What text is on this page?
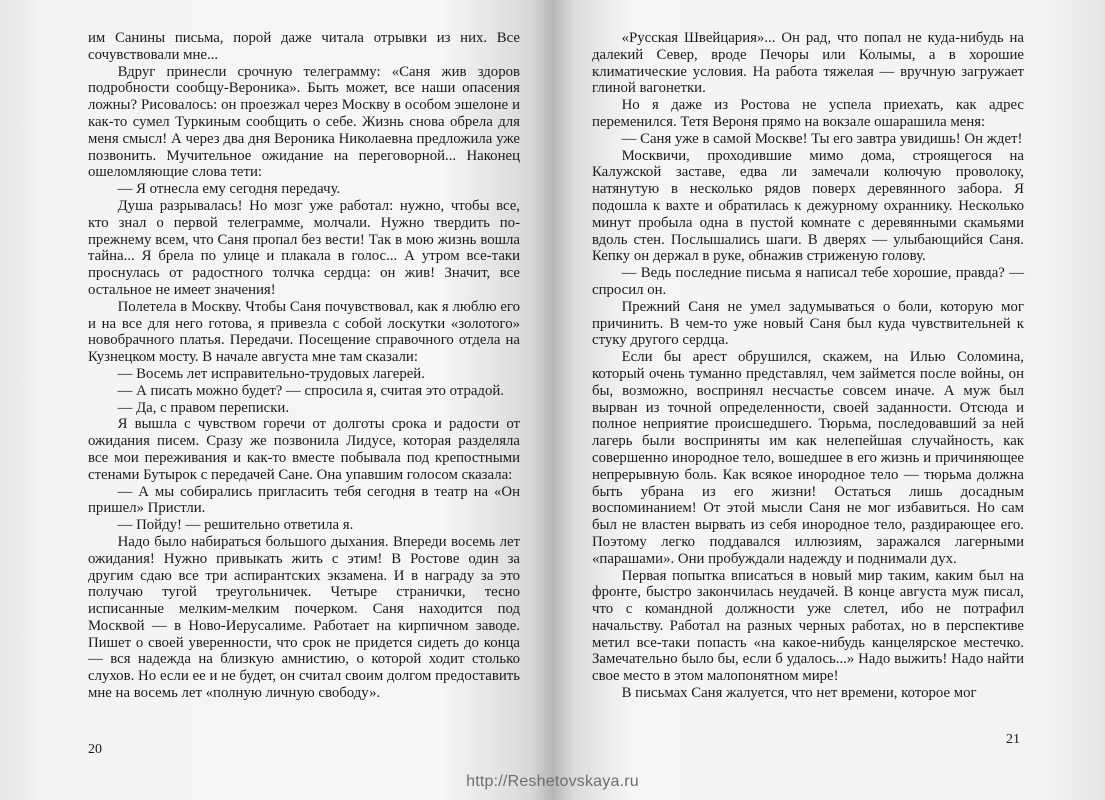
им Санины письма, порой даже читала отрывки из них. Все сочувствовали мне...

Вдруг принесли срочную телеграмму: «Саня жив здоров подробности сообщу-Вероника». Быть может, все наши опасения ложны? Рисовалось: он проезжал через Москву в особом эшелоне и как-то сумел Туркиным сообщить о себе. Жизнь снова обрела для меня смысл! А через два дня Вероника Николаевна предложила уже позвонить. Мучительное ожидание на переговорной... Наконец ошеломляющие слова тети:

— Я отнесла ему сегодня передачу.

Душа разрывалась! Но мозг уже работал: нужно, чтобы все, кто знал о первой телеграмме, молчали. Нужно твердить по-прежнему всем, что Саня пропал без вести! Так в мою жизнь вошла тайна... Я брела по улице и плакала в голос... А утром все-таки проснулась от радостного толчка сердца: он жив! Значит, все остальное не имеет значения!

Полетела в Москву. Чтобы Саня почувствовал, как я люблю его и на все для него готова, я привезла с собой лоскутки «золотого» новобрачного платья. Передачи. Посещение справочного отдела на Кузнецком мосту. В начале августа мне там сказали:

— Восемь лет исправительно-трудовых лагерей.

— А писать можно будет? — спросила я, считая это отрадой.

— Да, с правом переписки.

Я вышла с чувством горечи от долготы срока и радости от ожидания писем. Сразу же позвонила Лидусе, которая разделяла все мои переживания и как-то вместе побывала под крепостными стенами Бутырок с передачей Сане. Она упавшим голосом сказала:

— А мы собирались пригласить тебя сегодня в театр на «Он пришел» Пристли.

— Пойду! — решительно ответила я.

Надо было набираться большого дыхания. Впереди восемь лет ожидания! Нужно привыкать жить с этим! В Ростове один за другим сдаю все три аспирантских экзамена. И в награду за это получаю тугой треугольничек. Четыре странички, тесно исписанные мелким-мелким почерком. Саня находится под Москвой — в Ново-Иерусалиме. Работает на кирпичном заводе. Пишет о своей уверенности, что срок не придется сидеть до конца — вся надежда на близкую амнистию, о которой ходит столько слухов. Но если ее и не будет, он считал своим долгом предоставить мне на восемь лет «полную личную свободу».

20

«Русская Швейцария»... Он рад, что попал не куда-нибудь на далекий Север, вроде Печоры или Колымы, а в хорошие климатические условия. На работа тяжелая — вручную загружает глиной вагонетки.

Но я даже из Ростова не успела приехать, как адрес переменился. Тетя Вероня прямо на вокзале ошарашила меня:

— Саня уже в самой Москве! Ты его завтра увидишь! Он ждет!

Москвичи, проходившие мимо дома, строящегося на Калужской заставе, едва ли замечали колючую проволоку, натянутую в несколько рядов поверх деревянного забора. Я подошла к вахте и обратилась к дежурному охраннику. Несколько минут пробыла одна в пустой комнате с деревянными скамьями вдоль стен. Послышались шаги. В дверях — улыбающийся Саня. Кепку он держал в руке, обнажив стриженую голову.

— Ведь последние письма я написал тебе хорошие, правда? — спросил он.

Прежний Саня не умел задумываться о боли, которую мог причинить. В чем-то уже новый Саня был куда чувствительней к стуку другого сердца.

Если бы арест обрушился, скажем, на Илью Соломина, который очень туманно представлял, чем займется после войны, он бы, возможно, воспринял несчастье совсем иначе. А муж был вырван из точной определенности, своей заданности. Отсюда и полное неприятие происшедшего. Тюрьма, последовавший за ней лагерь были восприняты им как нелепейшая случайность, как совершенно инородное тело, вошедшее в его жизнь и причиняющее непрерывную боль. Как всякое инородное тело — тюрьма должна быть убрана из его жизни! Остаться лишь досадным воспоминанием! От этой мысли Саня не мог избавиться. Но сам был не властен вырвать из себя инородное тело, раздирающее его. Поэтому легко поддавался иллюзиям, заражался лагерными «парашами». Они пробуждали надежду и поднимали дух.

Первая попытка вписаться в новый мир таким, каким был на фронте, быстро закончилась неудачей. В конце августа муж писал, что с командной должности уже слетел, ибо не потрафил начальству. Работал на разных черных работах, но в перспективе метил все-таки попасть «на какое-нибудь канцелярское местечко. Замечательно было бы, если б удалось...» Надо выжить! Надо найти свое место в этом малопонятном мире!

В письмах Саня жалуется, что нет времени, которое мог

21
http://Reshetovskaya.ru
